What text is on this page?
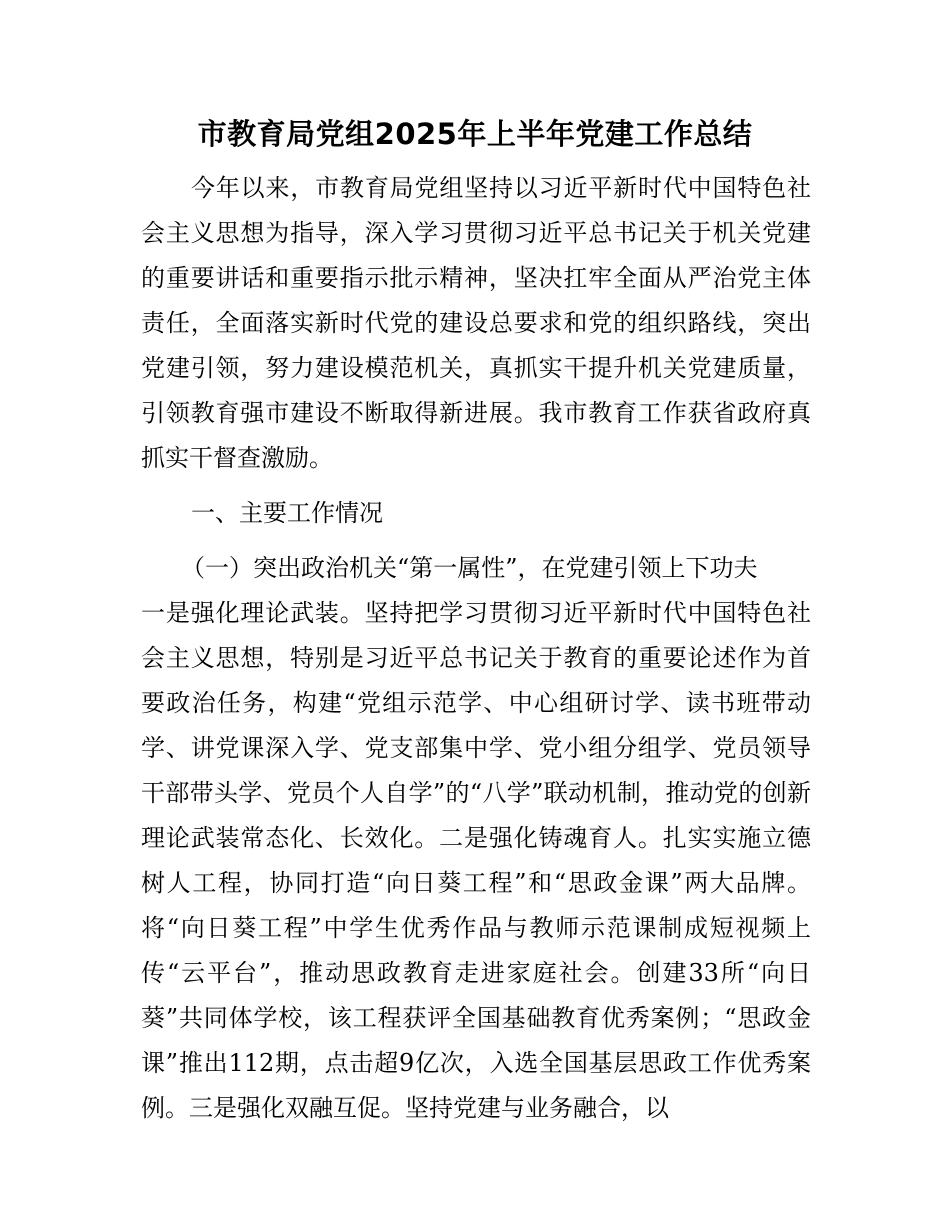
市教育局党组2025年上半年党建工作总结

今年以来，市教育局党组坚持以习近平新时代中国特色社会主义思想为指导，深入学习贯彻习近平总书记关于机关党建的重要讲话和重要指示批示精神，坚决扛牢全面从严治党主体责任，全面落实新时代党的建设总要求和党的组织路线，突出党建引领，努力建设模范机关，真抓实干提升机关党建质量，引领教育强市建设不断取得新进展。我市教育工作获省政府真抓实干督查激励。

一、主要工作情况

（一）突出政治机关“第一属性”，在党建引领上下功夫

一是强化理论武装。坚持把学习贯彻习近平新时代中国特色社会主义思想，特别是习近平总书记关于教育的重要论述作为首要政治任务，构建“党组示范学、中心组研讨学、读书班带动学、讲党课深入学、党支部集中学、党小组分组学、党员领导干部带头学、党员个人自学”的“八学”联动机制，推动党的创新理论武装常态化、长效化。二是强化铸魂育人。扎实实施立德树人工程，协同打造“向日葵工程”和“思政金课”两大品牌。将“向日葵工程”中学生优秀作品与教师示范课制成短视频上传“云平台”，推动思政教育走进家庭社会。创建33所“向日葵”共同体学校，该工程获评全国基础教育优秀案例；“思政金课”推出112期，点击超9亿次，入选全国基层思政工作优秀案例。三是强化双融互促。坚持党建与业务融合，以
